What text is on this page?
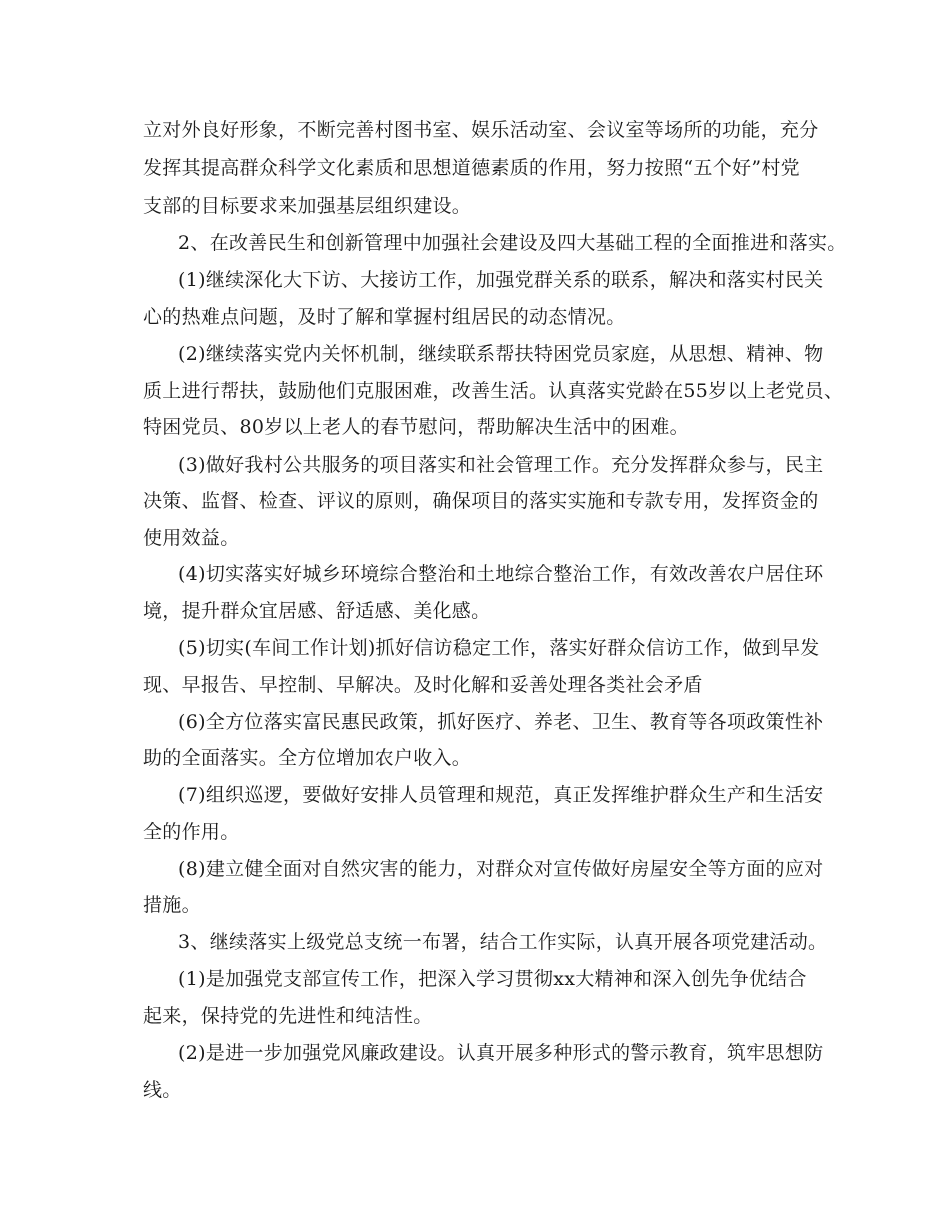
立对外良好形象，不断完善村图书室、娱乐活动室、会议室等场所的功能，充分
发挥其提高群众科学文化素质和思想道德素质的作用，努力按照“五个好”村党
支部的目标要求来加强基层组织建设。
2、在改善民生和创新管理中加强社会建设及四大基础工程的全面推进和落实。
(1)继续深化大下访、大接访工作，加强党群关系的联系，解决和落实村民关
心的热难点问题，及时了解和掌握村组居民的动态情况。
(2)继续落实党内关怀机制，继续联系帮扶特困党员家庭，从思想、精神、物
质上进行帮扶，鼓励他们克服困难，改善生活。认真落实党龄在55岁以上老党员、
特困党员、80岁以上老人的春节慰问，帮助解决生活中的困难。
(3)做好我村公共服务的项目落实和社会管理工作。充分发挥群众参与，民主
决策、监督、检查、评议的原则，确保项目的落实实施和专款专用，发挥资金的
使用效益。
(4)切实落实好城乡环境综合整治和土地综合整治工作，有效改善农户居住环
境，提升群众宜居感、舒适感、美化感。
(5)切实(车间工作计划)抓好信访稳定工作，落实好群众信访工作，做到早发
现、早报告、早控制、早解决。及时化解和妥善处理各类社会矛盾
(6)全方位落实富民惠民政策，抓好医疗、养老、卫生、教育等各项政策性补
助的全面落实。全方位增加农户收入。
(7)组织巡逻，要做好安排人员管理和规范，真正发挥维护群众生产和生活安
全的作用。
(8)建立健全面对自然灾害的能力，对群众对宣传做好房屋安全等方面的应对
措施。
3、继续落实上级党总支统一布署，结合工作实际，认真开展各项党建活动。
(1)是加强党支部宣传工作，把深入学习贯彻xx大精神和深入创先争优结合
起来，保持党的先进性和纯洁性。
(2)是进一步加强党风廉政建设。认真开展多种形式的警示教育，筑牢思想防
线。
